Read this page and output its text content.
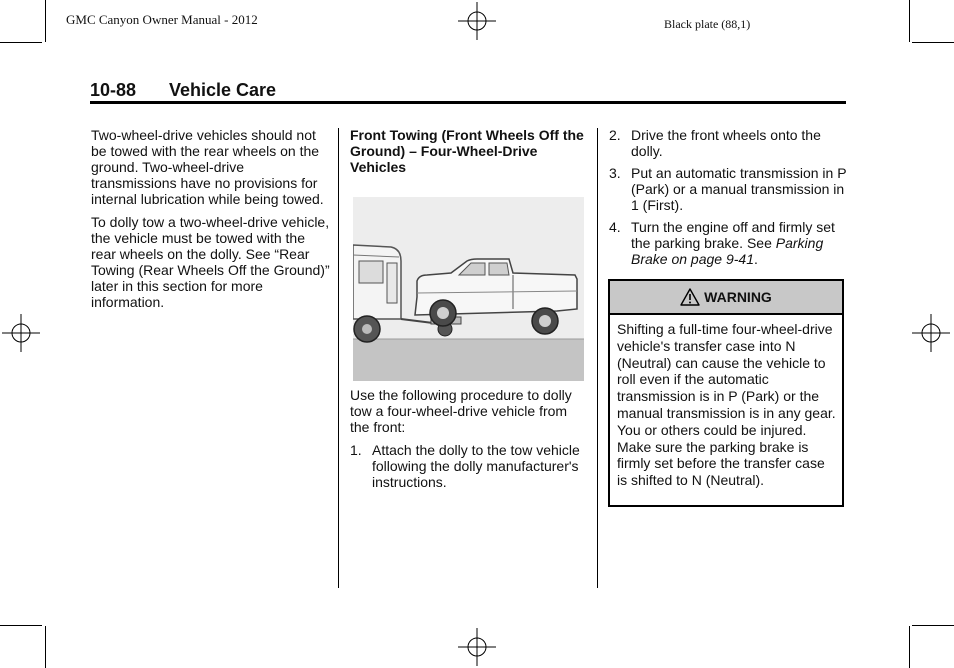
GMC Canyon Owner Manual - 2012	Black plate (88,1)
10-88 Vehicle Care

Two-wheel-drive vehicles should not be towed with the rear wheels on the ground. Two-wheel-drive transmissions have no provisions for internal lubrication while being towed.

To dolly tow a two-wheel-drive vehicle, the vehicle must be towed with the rear wheels on the dolly. See “Rear Towing (Rear Wheels Off the Ground)” later in this section for more information.

Front Towing (Front Wheels Off the Ground) – Four-Wheel-Drive Vehicles

Use the following procedure to dolly tow a four-wheel-drive vehicle from the front:

1. Attach the dolly to the tow vehicle following the dolly manufacturer's instructions.
2. Drive the front wheels onto the dolly.
3. Put an automatic transmission in P (Park) or a manual transmission in 1 (First).
4. Turn the engine off and firmly set the parking brake. See Parking Brake on page 9-41.
WARNING
Shifting a full-time four-wheel-drive vehicle's transfer case into N (Neutral) can cause the vehicle to roll even if the automatic transmission is in P (Park) or the manual transmission is in any gear. You or others could be injured. Make sure the parking brake is firmly set before the transfer case is shifted to N (Neutral).
